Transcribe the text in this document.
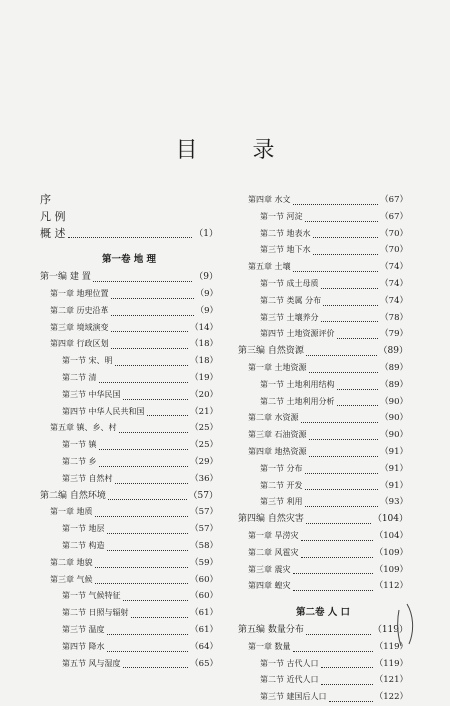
目 录
序
凡 例
概 述	（1）
第一卷 地 理
第一编 建 置	（9）
第一章 地理位置	（9）
第二章 历史沿革	（9）
第三章 境域演变	（14）
第四章 行政区划	（18）
第一节 宋、明	（18）
第二节 清	（19）
第三节 中华民国	（20）
第四节 中华人民共和国	（21）
第五章 镇、乡、村	（25）
第一节 镇	（25）
第二节 乡	（29）
第三节 自然村	（36）
第二编 自然环境	（57）
第一章 地质	（57）
第一节 地层	（57）
第二节 构造	（58）
第二章 地貌	（59）
第三章 气候	（60）
第一节 气候特征	（60）
第二节 日照与辐射	（61）
第三节 温度	（61）
第四节 降水	（64）
第五节 风与湿度	（65）
第四章 水文	（67）
第一节 河淀	（67）
第二节 地表水	（70）
第三节 地下水	（70）
第五章 土壤	（74）
第一节 成土母质	（74）
第二节 类属 分布	（74）
第三节 土壤养分	（78）
第四节 土地资源评价	（79）
第三编 自然资源	（89）
第一章 土地资源	（89）
第一节 土地利用结构	（89）
第二节 土地利用分析	（90）
第二章 水资源	（90）
第三章 石油资源	（90）
第四章 地热资源	（91）
第一节 分布	（91）
第二节 开发	（91）
第三节 利用	（93）
第四编 自然灾害	（104）
第一章 旱涝灾	（104）
第二章 风雹灾	（109）
第三章 震灾	（109）
第四章 蝗灾	（112）
第二卷 人 口
第五编 数量分布	（119）
第一章 数量	（119）
第一节 古代人口	（119）
第二节 近代人口	（121）
第三节 建国后人口	（122）
